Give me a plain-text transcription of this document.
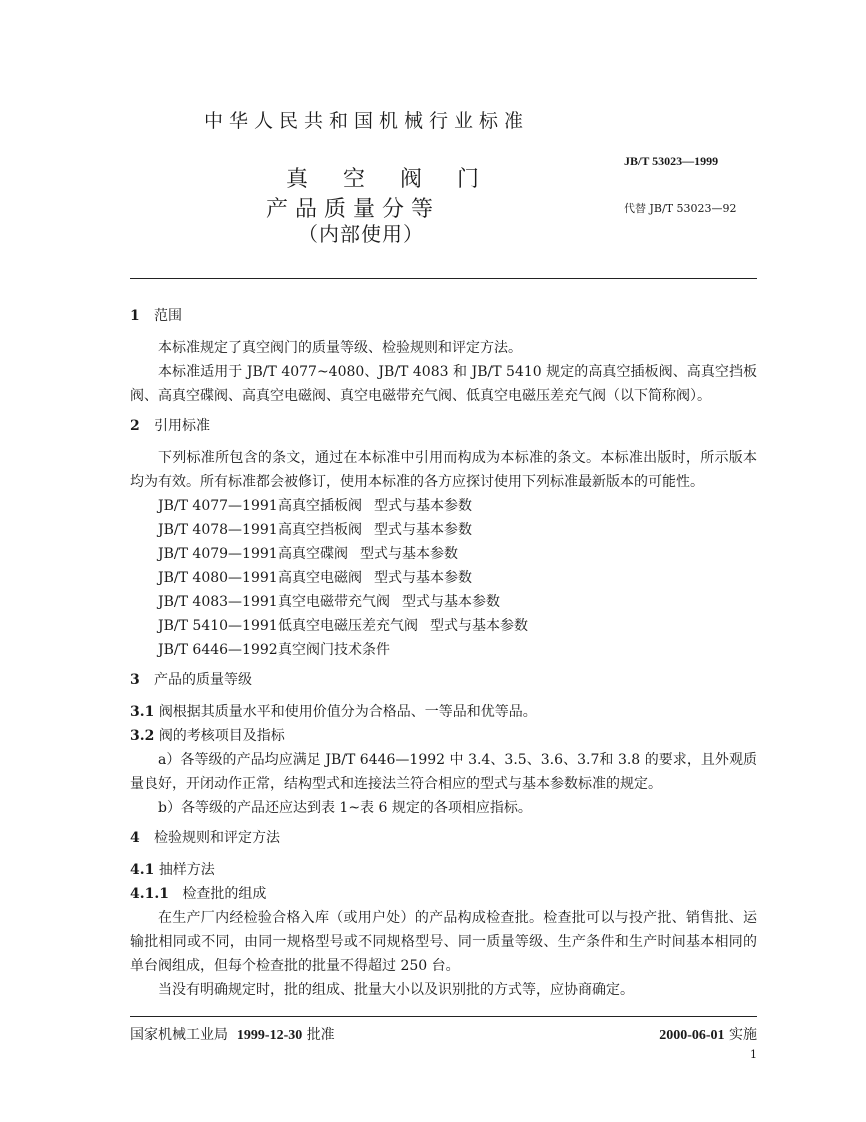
中华人民共和国机械行业标准
真 空 阀 门
产品质量分等
（内部使用）
JB/T 53023—1999
代替 JB/T 53023—92

1 范围

本标准规定了真空阀门的质量等级、检验规则和评定方法。

本标准适用于 JB/T 4077~4080、JB/T 4083 和 JB/T 5410 规定的高真空插板阀、高真空挡板阀、高真空碟阀、高真空电磁阀、真空电磁带充气阀、低真空电磁压差充气阀（以下简称阀）。

2 引用标准

下列标准所包含的条文，通过在本标准中引用而构成为本标准的条文。本标准出版时，所示版本均为有效。所有标准都会被修订，使用本标准的各方应探讨使用下列标准最新版本的可能性。

JB/T 4077—1991高真空插板阀 型式与基本参数

JB/T 4078—1991高真空挡板阀 型式与基本参数

JB/T 4079—1991高真空碟阀 型式与基本参数

JB/T 4080—1991高真空电磁阀 型式与基本参数

JB/T 4083—1991真空电磁带充气阀 型式与基本参数

JB/T 5410—1991低真空电磁压差充气阀 型式与基本参数

JB/T 6446—1992真空阀门技术条件

3 产品的质量等级

3.1 阀根据其质量水平和使用价值分为合格品、一等品和优等品。

3.2 阀的考核项目及指标

a）各等级的产品均应满足 JB/T 6446—1992 中 3.4、3.5、3.6、3.7和 3.8 的要求，且外观质量良好，开闭动作正常，结构型式和连接法兰符合相应的型式与基本参数标准的规定。

b）各等级的产品还应达到表 1~表 6 规定的各项相应指标。

4 检验规则和评定方法

4.1 抽样方法

4.1.1 检查批的组成

在生产厂内经检验合格入库（或用户处）的产品构成检查批。检查批可以与投产批、销售批、运输批相同或不同，由同一规格型号或不同规格型号、同一质量等级、生产条件和生产时间基本相同的单台阀组成，但每个检查批的批量不得超过 250 台。

当没有明确规定时，批的组成、批量大小以及识别批的方式等，应协商确定。

国家机械工业局 1999-12-30 批准	2000-06-01 实施
1
